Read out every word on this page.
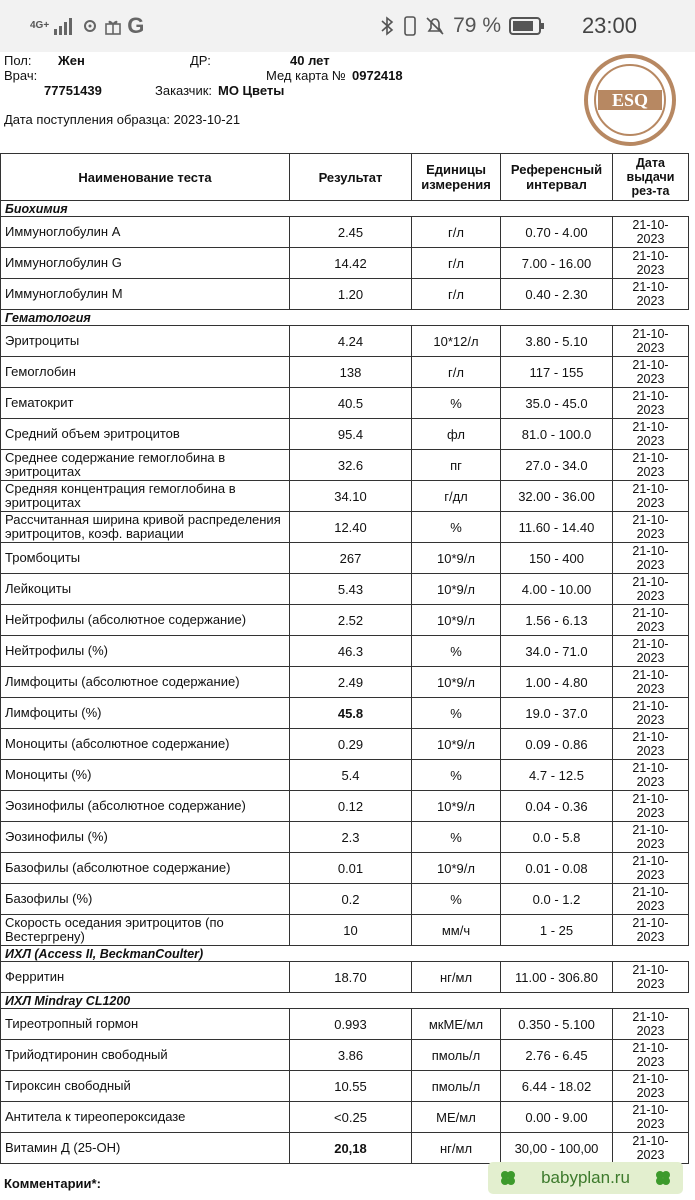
4G+	G	79 %	23:00
Пол: Жен	ДР:	40 лет
Врач:	Мед карта № 0972418
77751439	Заказчик: МО Цветы
Дата поступления образца: 2023-10-21
ESQ
Наименование теста	Результат	Единицы
измерения	Референсный
интервал	Дата
выдачи
рез-та
Биохимия				
Иммуноглобулин А	2.45	г/л	0.70 - 4.00	21-10-
2023
Иммуноглобулин G	14.42	г/л	7.00 - 16.00	21-10-
2023
Иммуноглобулин М	1.20	г/л	0.40 - 2.30	21-10-
2023
Гематология				
Эритроциты	4.24	10*12/л	3.80 - 5.10	21-10-
2023
Гемоглобин	138	г/л	117 - 155	21-10-
2023
Гематокрит	40.5	%	35.0 - 45.0	21-10-
2023
Средний объем эритроцитов	95.4	фл	81.0 - 100.0	21-10-
2023
Среднее содержание гемоглобина в эритроцитах	32.6	пг	27.0 - 34.0	21-10-
2023
Средняя концентрация гемоглобина в эритроцитах	34.10	г/дл	32.00 - 36.00	21-10-
2023
Рассчитанная ширина кривой распределения эритроцитов, коэф. вариации	12.40	%	11.60 - 14.40	21-10-
2023
Тромбоциты	267	10*9/л	150 - 400	21-10-
2023
Лейкоциты	5.43	10*9/л	4.00 - 10.00	21-10-
2023
Нейтрофилы (абсолютное содержание)	2.52	10*9/л	1.56 - 6.13	21-10-
2023
Нейтрофилы (%)	46.3	%	34.0 - 71.0	21-10-
2023
Лимфоциты (абсолютное содержание)	2.49	10*9/л	1.00 - 4.80	21-10-
2023
Лимфоциты (%)	45.8	%	19.0 - 37.0	21-10-
2023
Моноциты (абсолютное содержание)	0.29	10*9/л	0.09 - 0.86	21-10-
2023
Моноциты (%)	5.4	%	4.7 - 12.5	21-10-
2023
Эозинофилы (абсолютное содержание)	0.12	10*9/л	0.04 - 0.36	21-10-
2023
Эозинофилы (%)	2.3	%	0.0 - 5.8	21-10-
2023
Базофилы (абсолютное содержание)	0.01	10*9/л	0.01 - 0.08	21-10-
2023
Базофилы (%)	0.2	%	0.0 - 1.2	21-10-
2023
Скорость оседания эритроцитов (по Вестергрену)	10	мм/ч	1 - 25	21-10-
2023
ИХЛ (Access II, BeckmanCoulter)				
Ферритин	18.70	нг/мл	11.00 - 306.80	21-10-
2023
ИХЛ Mindray CL1200				
Тиреотропный гормон	0.993	мкМЕ/мл	0.350 - 5.100	21-10-
2023
Трийодтиронин свободный	3.86	пмоль/л	2.76 - 6.45	21-10-
2023
Тироксин свободный	10.55	пмоль/л	6.44 - 18.02	21-10-
2023
Антитела к тиреопероксидазе	<0.25	МЕ/мл	0.00 - 9.00	21-10-
2023
Витамин Д (25-ОН)	20,18	нг/мл	30,00 - 100,00	21-10-
2023
Комментарии*:	babyplan.ru
